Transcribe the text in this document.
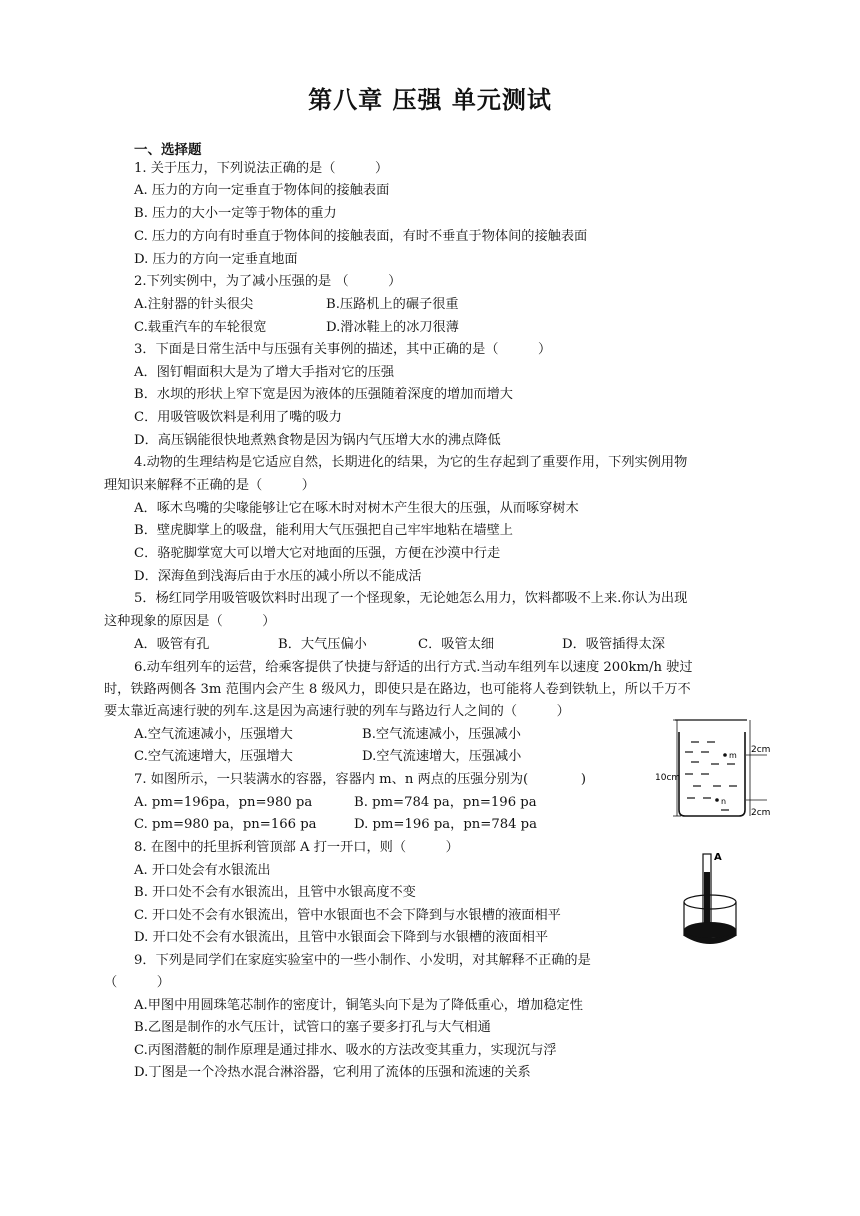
第八章 压强 单元测试
一、选择题
1. 关于压力，下列说法正确的是（　　　）
A. 压力的方向一定垂直于物体间的接触表面
B. 压力的大小一定等于物体的重力
C. 压力的方向有时垂直于物体间的接触表面，有时不垂直于物体间的接触表面
D. 压力的方向一定垂直地面
2.下列实例中，为了减小压强的是 （　　　）
A.注射器的针头很尖	B.压路机上的碾子很重
C.载重汽车的车轮很宽	D.滑冰鞋上的冰刀很薄
3．下面是日常生活中与压强有关事例的描述，其中正确的是（　　　）
A．图钉帽面积大是为了增大手指对它的压强
B．水坝的形状上窄下宽是因为液体的压强随着深度的增加而增大
C．用吸管吸饮料是利用了嘴的吸力
D．高压锅能很快地煮熟食物是因为锅内气压增大水的沸点降低
4.动物的生理结构是它适应自然，长期进化的结果，为它的生存起到了重要作用，下列实例用物
理知识来解释不正确的是（　　　）
A．啄木鸟嘴的尖喙能够让它在啄木时对树木产生很大的压强，从而啄穿树木
B．壁虎脚掌上的吸盘，能利用大气压强把自己牢牢地粘在墙壁上
C．骆驼脚掌宽大可以增大它对地面的压强，方便在沙漠中行走
D．深海鱼到浅海后由于水压的减小所以不能成活
5．杨红同学用吸管吸饮料时出现了一个怪现象，无论她怎么用力，饮料都吸不上来.你认为出现
这种现象的原因是（　　　）
A．吸管有孔	B．大气压偏小	C．吸管太细	D．吸管插得太深
6.动车组列车的运营，给乘客提供了快捷与舒适的出行方式.当动车组列车以速度 200km/h 驶过
时，铁路两侧各 3m 范围内会产生 8 级风力，即使只是在路边，也可能将人卷到铁轨上，所以千万不
要太靠近高速行驶的列车.这是因为高速行驶的列车与路边行人之间的（　　　）
A.空气流速减小，压强增大	B.空气流速减小，压强减小
C.空气流速增大，压强增大	D.空气流速增大，压强减小
7. 如图所示，一只装满水的容器，容器内 m、n 两点的压强分别为(　　　　)
A. pm=196pa，pn=980 pa	B. pm=784 pa，pn=196 pa
C. pm=980 pa，pn=166 pa	D. pm=196 pa，pn=784 pa
8. 在图中的托里拆利管顶部 A 打一开口，则（　　　）
A. 开口处会有水银流出
B. 开口处不会有水银流出，且管中水银高度不变
C. 开口处不会有水银流出，管中水银面也不会下降到与水银槽的液面相平
D. 开口处不会有水银流出，且管中水银面会下降到与水银槽的液面相平
9．下列是同学们在家庭实验室中的一些小制作、小发明，对其解释不正确的是
（　　　）
A.甲图中用圆珠笔芯制作的密度计，铜笔头向下是为了降低重心，增加稳定性
B.乙图是制作的水气压计，试管口的塞子要多打孔与大气相通
C.丙图潜艇的制作原理是通过排水、吸水的方法改变其重力，实现沉与浮
D.丁图是一个冷热水混合淋浴器，它利用了流体的压强和流速的关系
m
n
10cm
2cm
2cm
A
